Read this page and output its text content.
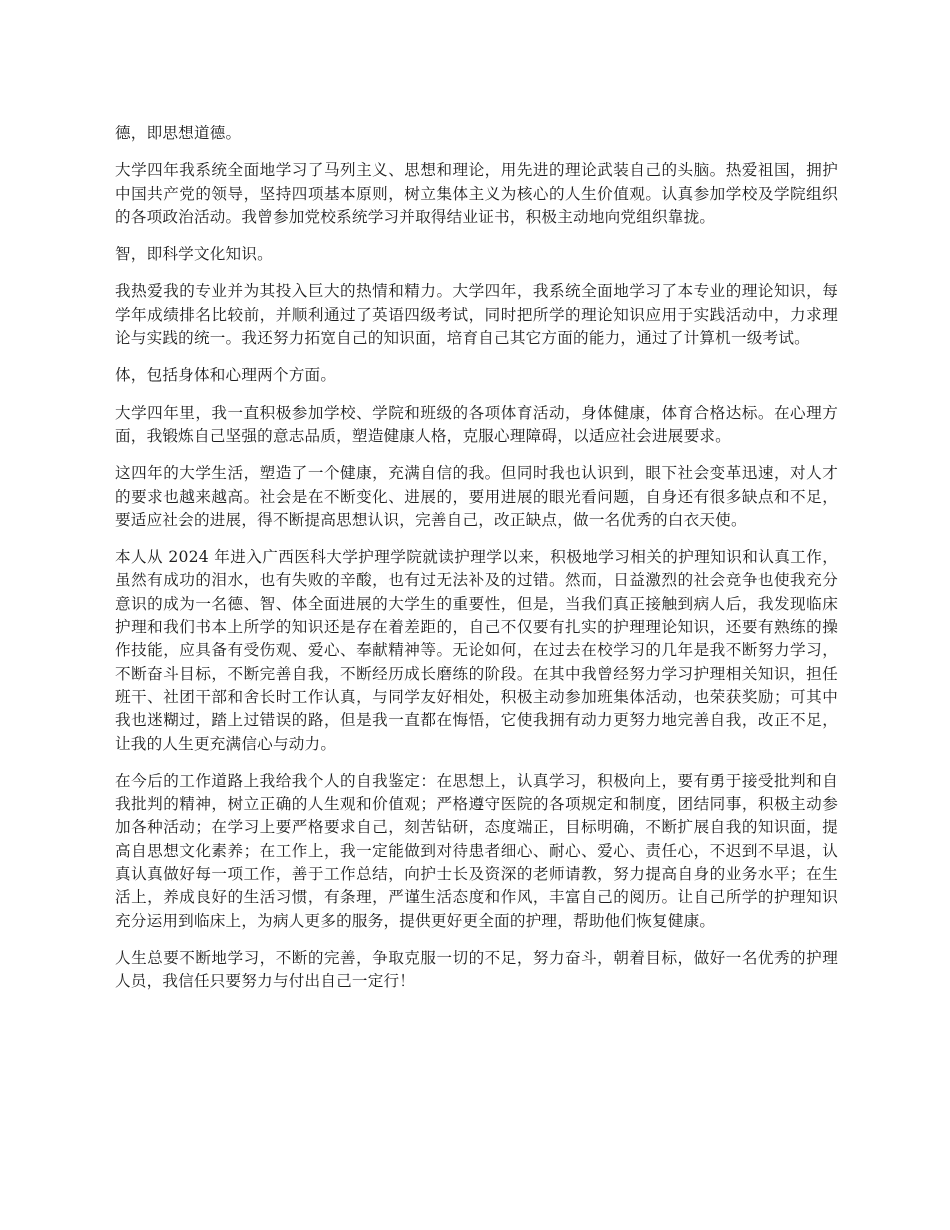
德，即思想道德。

大学四年我系统全面地学习了马列主义、思想和理论，用先进的理论武装自己的头脑。热爱祖国，拥护中国共产党的领导，坚持四项基本原则，树立集体主义为核心的人生价值观。认真参加学校及学院组织的各项政治活动。我曾参加党校系统学习并取得结业证书，积极主动地向党组织靠拢。

智，即科学文化知识。

我热爱我的专业并为其投入巨大的热情和精力。大学四年，我系统全面地学习了本专业的理论知识，每学年成绩排名比较前，并顺利通过了英语四级考试，同时把所学的理论知识应用于实践活动中，力求理论与实践的统一。我还努力拓宽自己的知识面，培育自己其它方面的能力，通过了计算机一级考试。

体，包括身体和心理两个方面。

大学四年里，我一直积极参加学校、学院和班级的各项体育活动，身体健康，体育合格达标。在心理方面，我锻炼自己坚强的意志品质，塑造健康人格，克服心理障碍，以适应社会进展要求。

这四年的大学生活，塑造了一个健康，充满自信的我。但同时我也认识到，眼下社会变革迅速，对人才的要求也越来越高。社会是在不断变化、进展的，要用进展的眼光看问题，自身还有很多缺点和不足，要适应社会的进展，得不断提高思想认识，完善自己，改正缺点，做一名优秀的白衣天使。

本人从 2024 年进入广西医科大学护理学院就读护理学以来，积极地学习相关的护理知识和认真工作，虽然有成功的泪水，也有失败的辛酸，也有过无法补及的过错。然而，日益激烈的社会竞争也使我充分意识的成为一名德、智、体全面进展的大学生的重要性，但是，当我们真正接触到病人后，我发现临床护理和我们书本上所学的知识还是存在着差距的，自己不仅要有扎实的护理理论知识，还要有熟练的操作技能，应具备有受伤观、爱心、奉献精神等。无论如何，在过去在校学习的几年是我不断努力学习，不断奋斗目标，不断完善自我，不断经历成长磨练的阶段。在其中我曾经努力学习护理相关知识，担任班干、社团干部和舍长时工作认真，与同学友好相处，积极主动参加班集体活动，也荣获奖励；可其中我也迷糊过，踏上过错误的路，但是我一直都在悔悟，它使我拥有动力更努力地完善自我，改正不足，让我的人生更充满信心与动力。

在今后的工作道路上我给我个人的自我鉴定：在思想上，认真学习，积极向上，要有勇于接受批判和自我批判的精神，树立正确的人生观和价值观；严格遵守医院的各项规定和制度，团结同事，积极主动参加各种活动；在学习上要严格要求自己，刻苦钻研，态度端正，目标明确，不断扩展自我的知识面，提高自思想文化素养；在工作上，我一定能做到对待患者细心、耐心、爱心、责任心，不迟到不早退，认真认真做好每一项工作，善于工作总结，向护士长及资深的老师请教，努力提高自身的业务水平；在生活上，养成良好的生活习惯，有条理，严谨生活态度和作风，丰富自己的阅历。让自己所学的护理知识充分运用到临床上，为病人更多的服务，提供更好更全面的护理，帮助他们恢复健康。

人生总要不断地学习，不断的完善，争取克服一切的不足，努力奋斗，朝着目标，做好一名优秀的护理人员，我信任只要努力与付出自己一定行！
